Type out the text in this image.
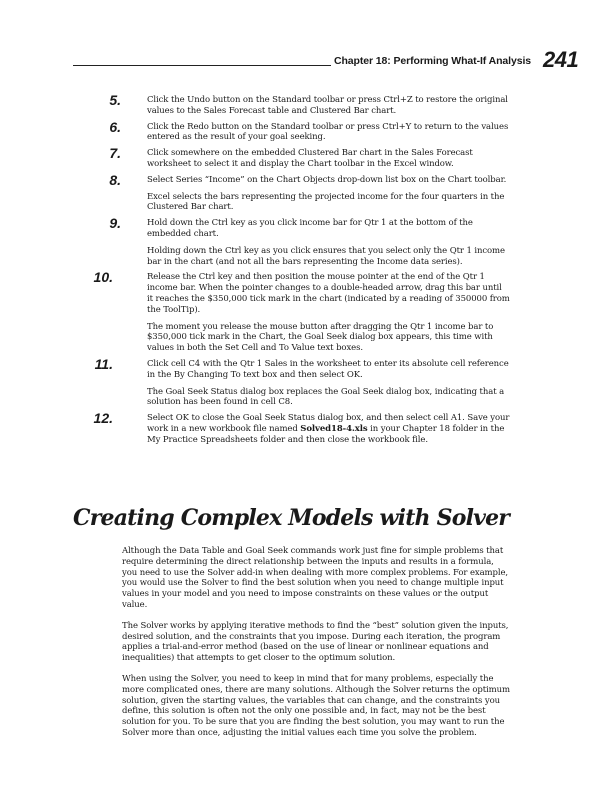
Chapter 18: Performing What-If Analysis 241
5.	Click the Undo button on the Standard toolbar or press Ctrl+Z to restore the original values to the Sales Forecast table and Clustered Bar chart.

6.	Click the Redo button on the Standard toolbar or press Ctrl+Y to return to the values entered as the result of your goal seeking.

7.	Click somewhere on the embedded Clustered Bar chart in the Sales Forecast worksheet to select it and display the Chart toolbar in the Excel window.

8.	Select Series “Income” on the Chart Objects drop-down list box on the Chart toolbar.

Excel selects the bars representing the projected income for the four quarters in the Clustered Bar chart.

9.	Hold down the Ctrl key as you click income bar for Qtr 1 at the bottom of the embedded chart.

Holding down the Ctrl key as you click ensures that you select only the Qtr 1 income bar in the chart (and not all the bars representing the Income data series).

10.	Release the Ctrl key and then position the mouse pointer at the end of the Qtr 1 income bar. When the pointer changes to a double-headed arrow, drag this bar until it reaches the $350,000 tick mark in the chart (indicated by a reading of 350000 from the ToolTip).

The moment you release the mouse button after dragging the Qtr 1 income bar to $350,000 tick mark in the Chart, the Goal Seek dialog box appears, this time with values in both the Set Cell and To Value text boxes.

11.	Click cell C4 with the Qtr 1 Sales in the worksheet to enter its absolute cell reference in the By Changing To text box and then select OK.

The Goal Seek Status dialog box replaces the Goal Seek dialog box, indicating that a solution has been found in cell C8.

12.	Select OK to close the Goal Seek Status dialog box, and then select cell A1. Save your work in a new workbook file named Solved18-4.xls in your Chapter 18 folder in the My Practice Spreadsheets folder and then close the workbook file.

Creating Complex Models with Solver

Although the Data Table and Goal Seek commands work just fine for simple problems that require determining the direct relationship between the inputs and results in a formula, you need to use the Solver add-in when dealing with more complex problems. For example, you would use the Solver to find the best solution when you need to change multiple input values in your model and you need to impose constraints on these values or the output value.

The Solver works by applying iterative methods to find the “best” solution given the inputs, desired solution, and the constraints that you impose. During each iteration, the program applies a trial-and-error method (based on the use of linear or nonlinear equations and inequalities) that attempts to get closer to the optimum solution.

When using the Solver, you need to keep in mind that for many problems, especially the more complicated ones, there are many solutions. Although the Solver returns the optimum solution, given the starting values, the variables that can change, and the constraints you define, this solution is often not the only one possible and, in fact, may not be the best solution for you. To be sure that you are finding the best solution, you may want to run the Solver more than once, adjusting the initial values each time you solve the problem.
